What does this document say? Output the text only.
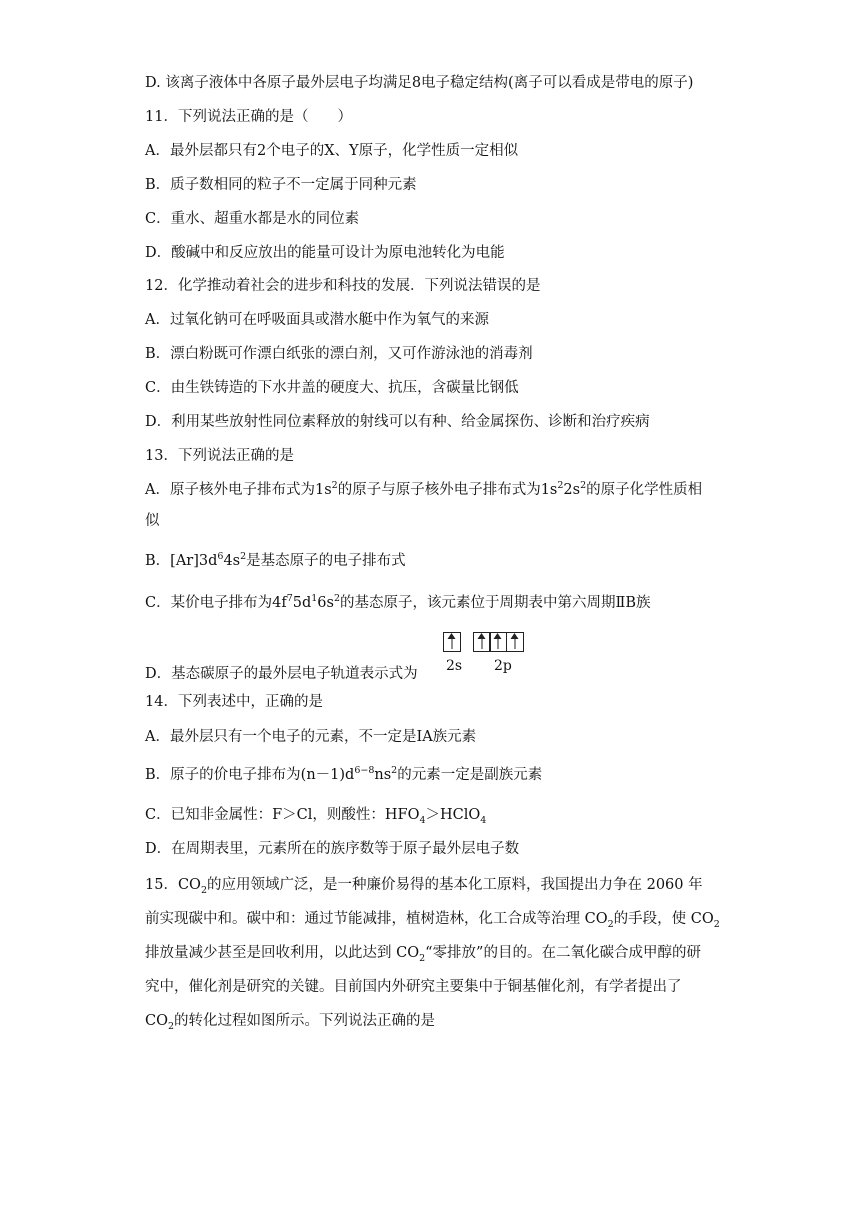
D. 该离子液体中各原子最外层电子均满足8电子稳定结构(离子可以看成是带电的原子)
11．下列说法正确的是（　　）
A．最外层都只有2个电子的X、Y原子，化学性质一定相似
B．质子数相同的粒子不一定属于同种元素
C．重水、超重水都是水的同位素
D．酸碱中和反应放出的能量可设计为原电池转化为电能
12．化学推动着社会的进步和科技的发展．下列说法错误的是
A．过氧化钠可在呼吸面具或潜水艇中作为氧气的来源
B．漂白粉既可作漂白纸张的漂白剂，又可作游泳池的消毒剂
C．由生铁铸造的下水井盖的硬度大、抗压，含碳量比钢低
D．利用某些放射性同位素释放的射线可以有种、给金属探伤、诊断和治疗疾病
13．下列说法正确的是
A．原子核外电子排布式为$1s^2$的原子与原子核外电子排布式为$1s^22s^2$的原子化学性质相
似
B．$[Ar]3d^64s^2$是基态原子的电子排布式
C．某价电子排布为$4f^75d^16s^2$的基态原子，该元素位于周期表中第六周期ⅡB族
D．基态碳原子的最外层电子轨道表示式为 2s 2p
14．下列表述中，正确的是
A．最外层只有一个电子的元素，不一定是IA族元素
B．原子的价电子排布为$(n-1)d^{6-8}ns^2$的元素一定是副族元素
C．已知非金属性：F＞Cl，则酸性：$HFO_4>HClO_4$
D．在周期表里，元素所在的族序数等于原子最外层电子数
15．$CO_2$的应用领域广泛，是一种廉价易得的基本化工原料，我国提出力争在 2060 年
前实现碳中和。碳中和：通过节能减排，植树造林，化工合成等治理 $CO_2$的手段，使 $CO_2$
排放量减少甚至是回收利用，以此达到 $CO_2“$零排放”的目的。在二氧化碳合成甲醇的研
究中，催化剂是研究的关键。目前国内外研究主要集中于铜基催化剂，有学者提出了
$CO_2$的转化过程如图所示。下列说法正确的是
